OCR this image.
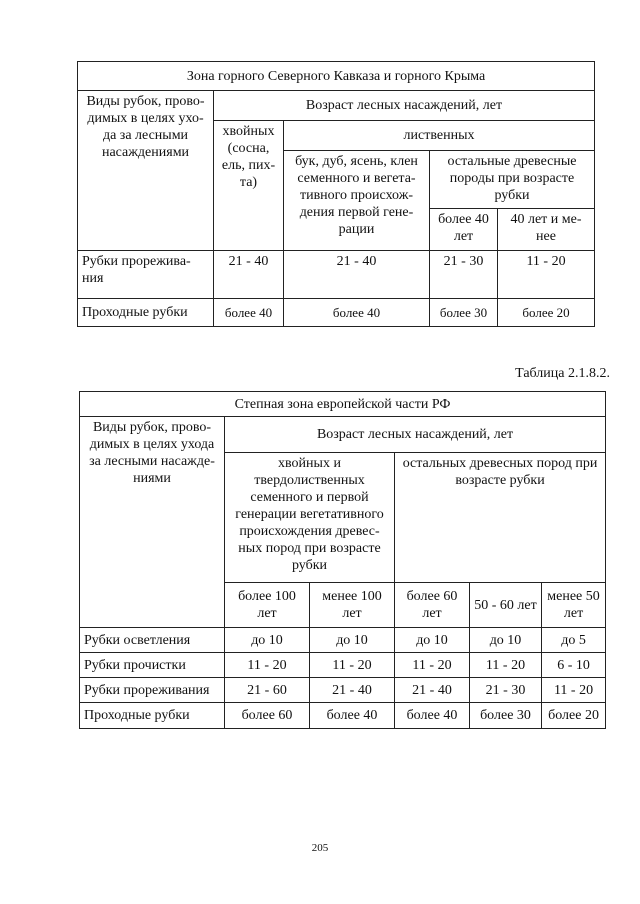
Зона горного Северного Кавказа и горного Крыма				
Виды рубок, прово-димых в целях ухо-да за лесными насаждениями	Возраст лесных насаждений, лет			
	хвойных (сосна, ель, пих-та)	лиственных		
		бук, дуб, ясень, клен семенного и вегета-тивного происхож-дения первой гене-рации	остальные древесные породы при возрасте рубки	
			более 40 лет	40 лет и ме-нее
Рубки прорежива-ния	21 - 40	21 - 40	21 - 30	11 - 20
Проходные рубки	более 40	более 40	более 30	более 20
Таблица 2.1.8.2.
Степная зона европейской части РФ					
Виды рубок, прово-димых в целях ухода за лесными насажде-ниями	Возраст лесных насаждений, лет				
	хвойных и твердолиственных семенного и первой генерации вегетативного происхождения древес-ных пород при возрасте рубки		остальных древесных пород при возрасте рубки		
	более 100 лет	менее 100 лет	более 60 лет	50 - 60 лет	менее 50 лет
Рубки осветления	до 10	до 10	до 10	до 10	до 5
Рубки прочистки	11 - 20	11 - 20	11 - 20	11 - 20	6 - 10
Рубки прореживания	21 - 60	21 - 40	21 - 40	21 - 30	11 - 20
Проходные рубки	более 60	более 40	более 40	более 30	более 20
205
